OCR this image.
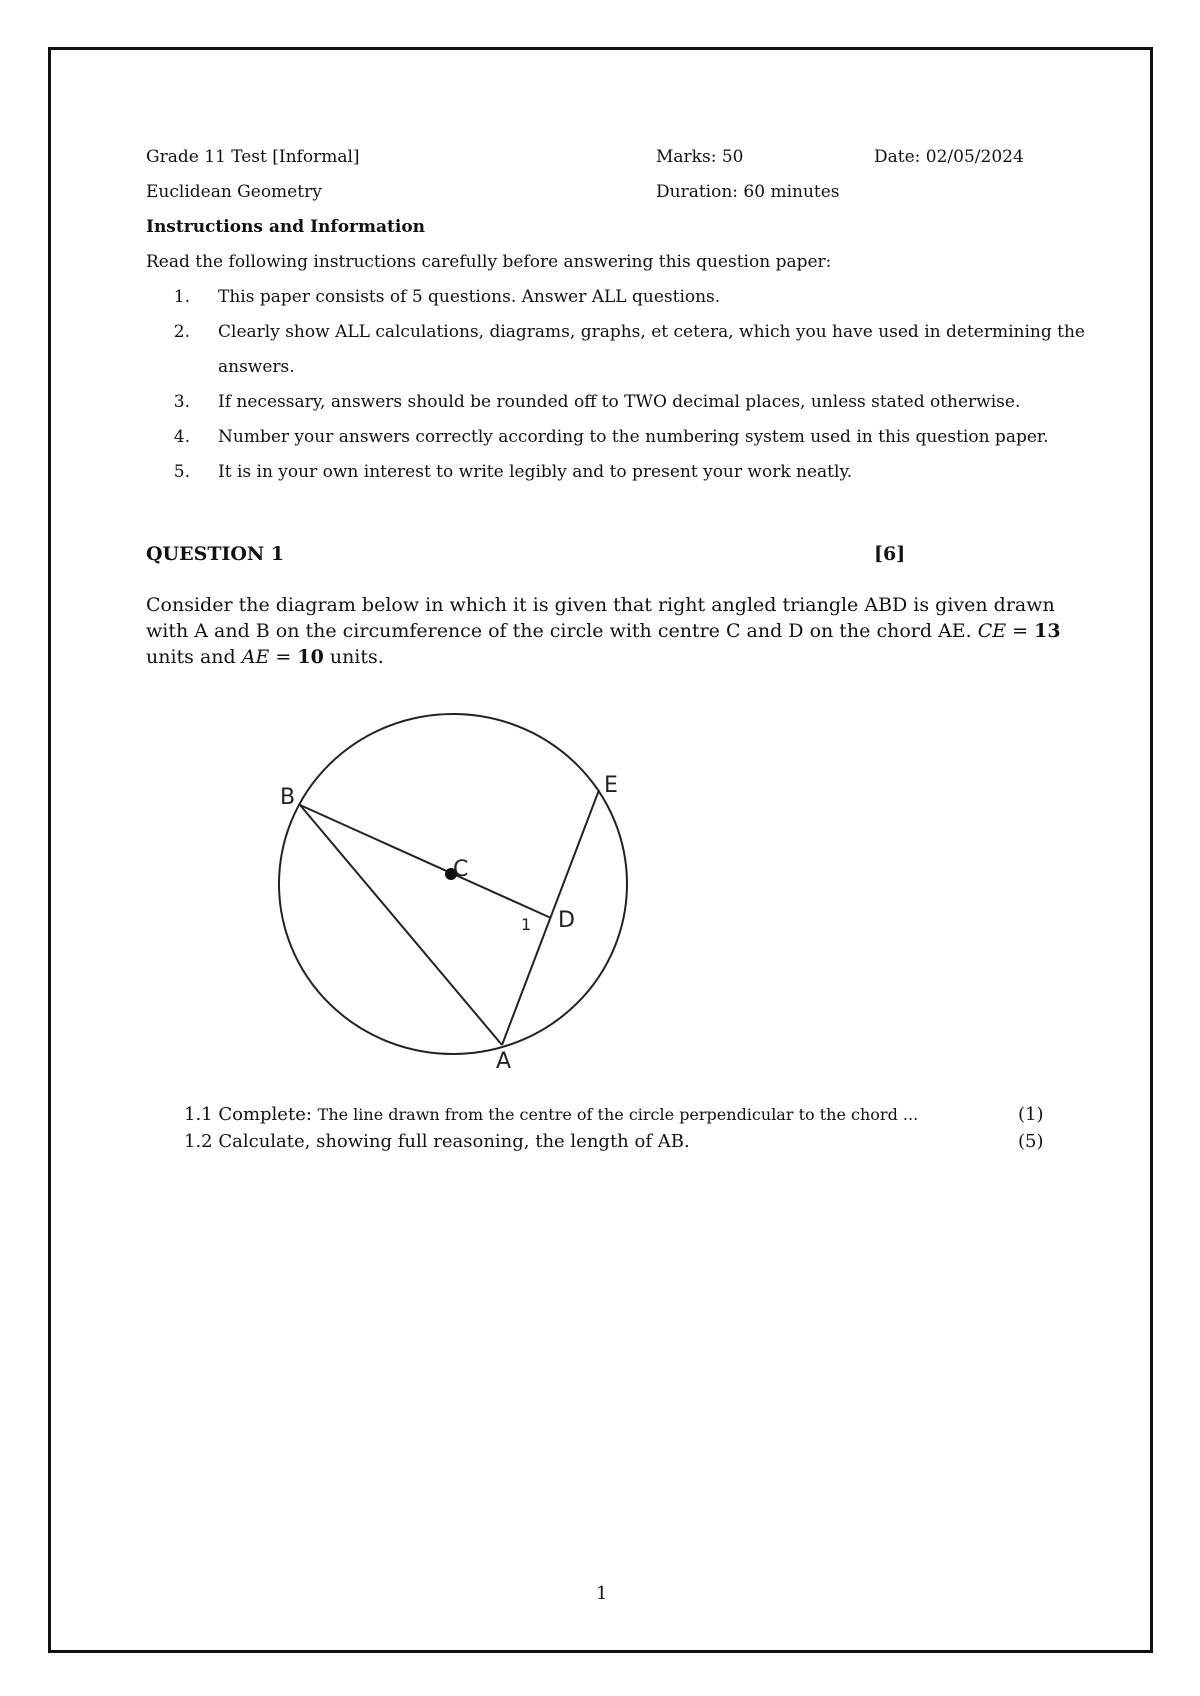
Grade 11 Test [Informal]	Marks: 50	Date: 02/05/2024
Euclidean Geometry	Duration: 60 minutes
Instructions and Information
Read the following instructions carefully before answering this question paper:
1. This paper consists of 5 questions. Answer ALL questions.
2. Clearly show ALL calculations, diagrams, graphs, et cetera, which you have used in determining the
answers.
3. If necessary, answers should be rounded off to TWO decimal places, unless stated otherwise.
4. Number your answers correctly according to the numbering system used in this question paper.
5. It is in your own interest to write legibly and to present your work neatly.
QUESTION 1	[6]
Consider the diagram below in which it is given that right angled triangle ABD is given drawn with A and B on the circumference of the circle with centre C and D on the chord AE. CE = 13 units and AE = 10 units.
B	E
C
D
A
1
1.1 Complete: The line drawn from the centre of the circle perpendicular to the chord ...	(1)
1.2 Calculate, showing full reasoning, the length of AB.	(5)
1
